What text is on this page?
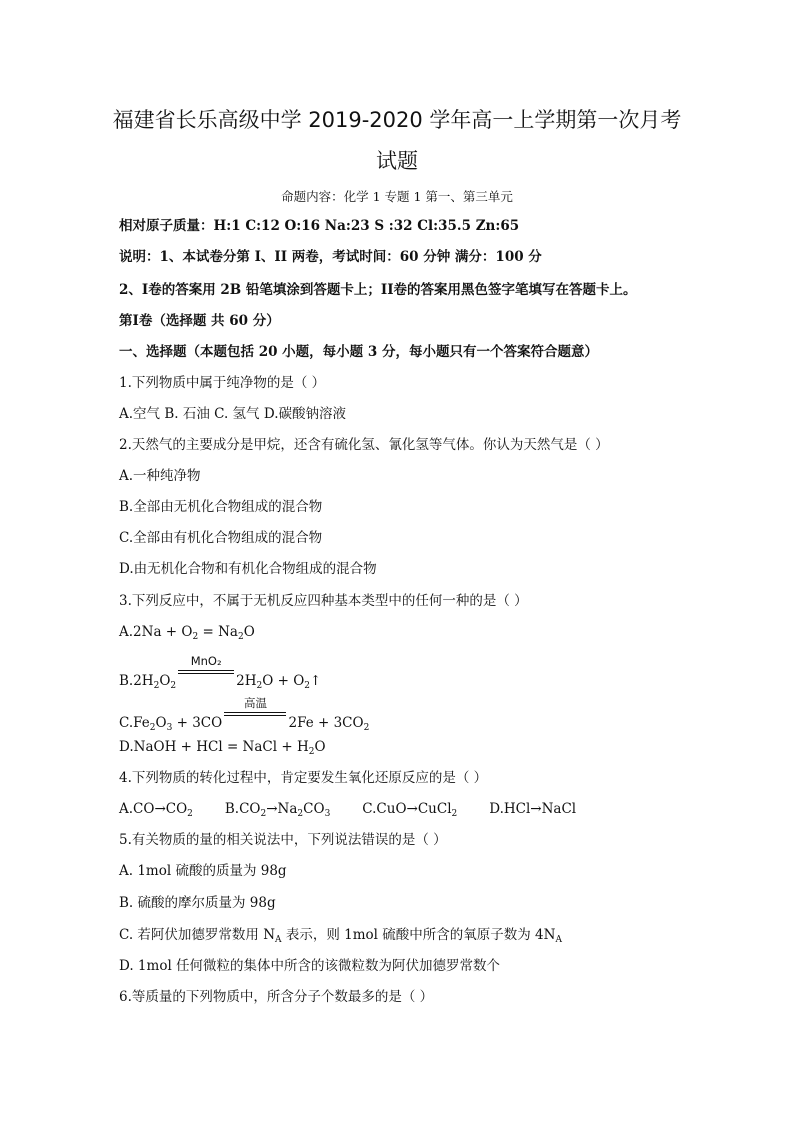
福建省长乐高级中学 2019-2020 学年高一上学期第一次月考
试题
命题内容：化学 1 专题 1 第一、第三单元
相对原子质量：H:1 C:12 O:16 Na:23 S :32 Cl:35.5 Zn:65
说明：1、本试卷分第 I、II 两卷，考试时间：60 分钟 满分：100 分
2、Ⅰ卷的答案用 2B 铅笔填涂到答题卡上；II卷的答案用黑色签字笔填写在答题卡上。
第Ⅰ卷（选择题 共 60 分）
一、选择题（本题包括 20 小题，每小题 3 分，每小题只有一个答案符合题意）
1.下列物质中属于纯净物的是（ ）
A.空气 B. 石油 C. 氢气 D.碳酸钠溶液
2.天然气的主要成分是甲烷，还含有硫化氢、氰化氢等气体。你认为天然气是（ ）
A.一种纯净物
B.全部由无机化合物组成的混合物
C.全部由有机化合物组成的混合物
D.由无机化合物和有机化合物组成的混合物
3.下列反应中，不属于无机反应四种基本类型中的任何一种的是（ ）
$A.2Na + O_2 = Na_2O$
$B.2H_2O_2$
MnO₂
$2H_2O$ + $O_2↑$
$C.Fe_2O_3 + 3CO$
高温
$2Fe + 3CO_2$
D.NaOH + HCl = NaCl + $H_2O$
4.下列物质的转化过程中，肯定要发生氧化还原反应的是（ ）
$A.CO\to CO_2$ $B.CO_2\to Na_2CO_3$ C.CuO→CuCl$_2$ D.HCl→NaCl
5.有关物质的量的相关说法中，下列说法错误的是（ ）
A. 1mol 硫酸的质量为 98g
B. 硫酸的摩尔质量为 98g
C. 若阿伏加德罗常数用 $N_A$ 表示，则 1mol 硫酸中所含的氧原子数为 $4N_A$
D. 1mol 任何微粒的集体中所含的该微粒数为阿伏加德罗常数个
6.等质量的下列物质中，所含分子个数最多的是（ ）
